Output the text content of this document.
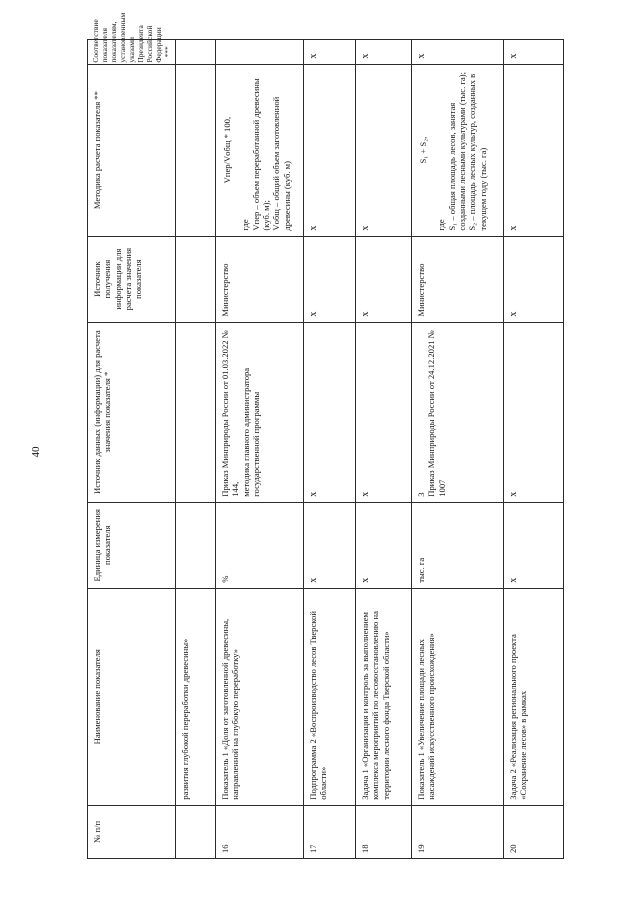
40
№ п/п	Наименование показателя	Единица измерения показателя	Источник данных (информации) для расчета значения показателя *	Источник получения информации для расчета значения показателя	Методика расчета показателя **	Соответствие показателя показателям, установленным указами Президента Российской Федерации ***
	развития глубокой переработки древесины»					
16	Показатель 1 «Доля от заготовленной древесины, направленной на глубокую переработку»	%	Приказ Минприроды России от 01.03.2022 № 144, методика главного администратора государственной программы	Министерство	Vпер/Vобщ * 100,
где Vпер – объем переработанной древесины (куб. м); Vобщ – общий объем заготовленной древесины (куб. м)	

17	Подпрограмма 2 «Воспроизводство лесов Тверской области»	x	x	x	x	x
18	Задача 1 «Организация и контроль за выполнением комплекса мероприятий по лесовосстановлению на территории лесного фонда Тверской области»	x	x	x	x	x
19	Показатель 1 «Увеличение площади лесных насаждений искусственного происхождения»	тыс. га	3 Приказ Минприроды России от 24.12.2021 № 1007	Министерство	S₁ + S₂,
где S₁ – общая площадь лесов, занятая созданными лесными культурами (тыс. га); S₂ – площадь лесных культур, созданных в текущем году (тыс. га)	x
20	Задача 2 «Реализация регионального проекта «Сохранение лесов» в рамках	x	x	x	x	x
